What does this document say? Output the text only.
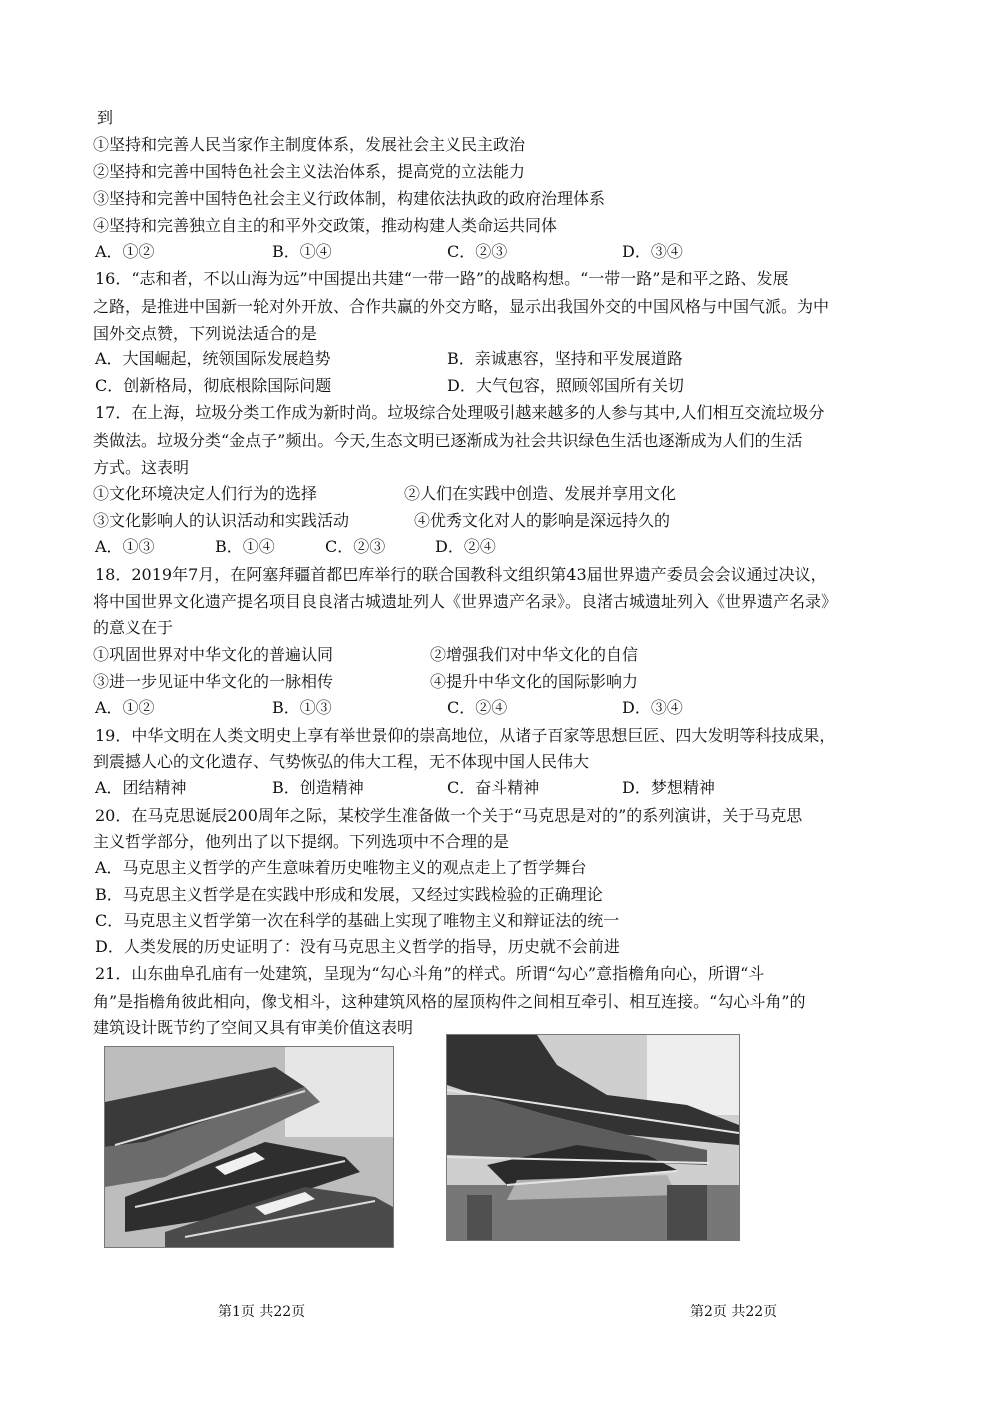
到
①坚持和完善人民当家作主制度体系，发展社会主义民主政治
②坚持和完善中国特色社会主义法治体系，提高党的立法能力
③坚持和完善中国特色社会主义行政体制，构建依法执政的政府治理体系
④坚持和完善独立自主的和平外交政策，推动构建人类命运共同体
A．①②	B．①④	C．②③	D．③④
16．“志和者，不以山海为远”中国提出共建“一带一路”的战略构想。“一带一路”是和平之路、发展
之路，是推进中国新一轮对外开放、合作共赢的外交方略，显示出我国外交的中国风格与中国气派。为中
国外交点赞，下列说法适合的是
A．大国崛起，统领国际发展趋势	B．亲诚惠容，坚持和平发展道路
C．创新格局，彻底根除国际问题	D．大气包容，照顾邻国所有关切
17．在上海，垃圾分类工作成为新时尚。垃圾综合处理吸引越来越多的人参与其中,人们相互交流垃圾分
类做法。垃圾分类“金点子”频出。今天,生态文明已逐渐成为社会共识绿色生活也逐渐成为人们的生活
方式。这表明
①文化环境决定人们行为的选择	②人们在实践中创造、发展并享用文化
③文化影响人的认识活动和实践活动	④优秀文化对人的影响是深远持久的
A．①③	B．①④	C．②③	D．②④
18．2019年7月，在阿塞拜疆首都巴库举行的联合国教科文组织第43届世界遗产委员会会议通过决议，
将中国世界文化遗产提名项目良良渚古城遗址列人《世界遗产名录》。良渚古城遗址列入《世界遗产名录》
的意义在于
①巩固世界对中华文化的普遍认同	②增强我们对中华文化的自信
③进一步见证中华文化的一脉相传	④提升中华文化的国际影响力
A．①②	B．①③	C．②④	D．③④
19．中华文明在人类文明史上享有举世景仰的崇高地位，从诸子百家等思想巨匠、四大发明等科技成果，
到震撼人心的文化遗存、气势恢弘的伟大工程，无不体现中国人民伟大
A．团结精神	B．创造精神	C．奋斗精神	D．梦想精神
20．在马克思诞辰200周年之际，某校学生准备做一个关于“马克思是对的”的系列演讲，关于马克思
主义哲学部分，他列出了以下提纲。下列选项中不合理的是
A．马克思主义哲学的产生意味着历史唯物主义的观点走上了哲学舞台
B．马克思主义哲学是在实践中形成和发展，又经过实践检验的正确理论
C．马克思主义哲学第一次在科学的基础上实现了唯物主义和辩证法的统一
D．人类发展的历史证明了：没有马克思主义哲学的指导，历史就不会前进
21．山东曲阜孔庙有一处建筑，呈现为“勾心斗角”的样式。所谓“勾心”意指檐角向心，所谓“斗
角”是指檐角彼此相向，像戈相斗，这种建筑风格的屋顶构件之间相互牵引、相互连接。“勾心斗角”的
建筑设计既节约了空间又具有审美价值这表明
第1页 共22页	第2页 共22页
